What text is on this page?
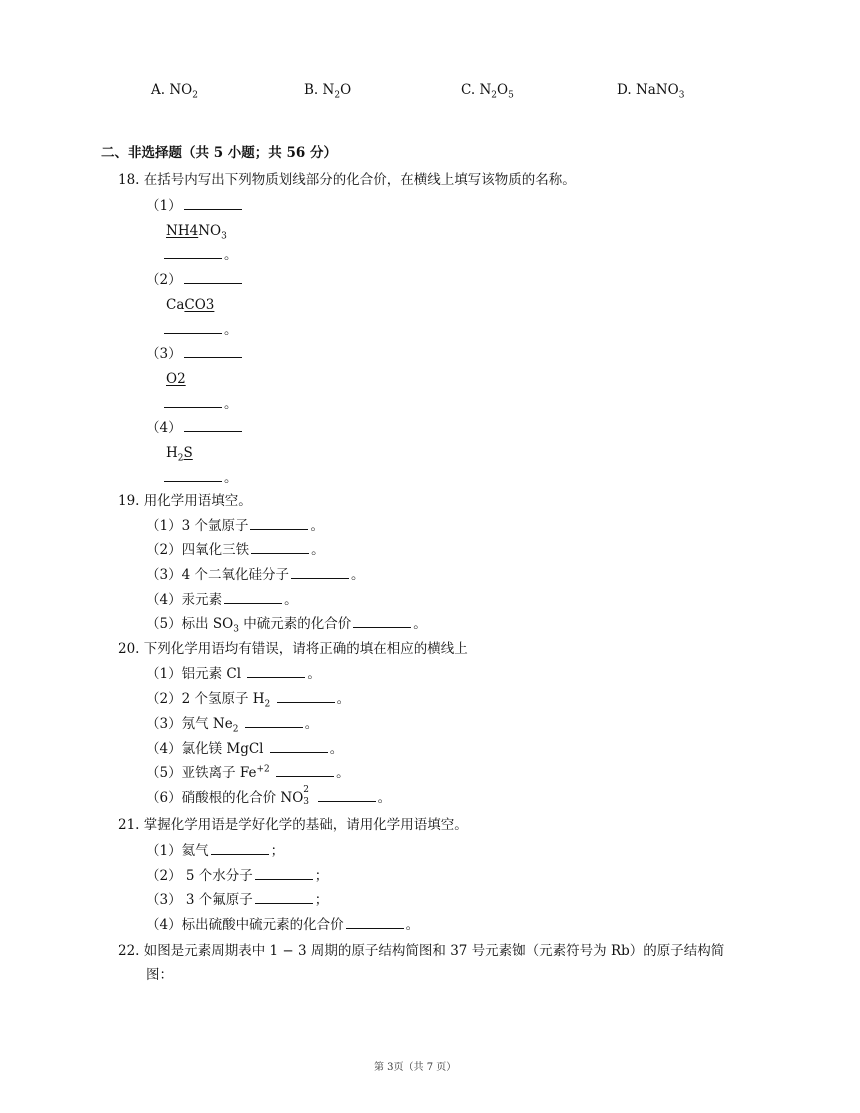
A. $NO_2$	B. $N_2O$	C. $N_2O_5$	D. NaNO$_3$
二、非选择题（共 5 小题；共 56 分）
18. 在括号内写出下列物质划线部分的化合价，在横线上填写该物质的名称。
（1）
$NH4NO_3$
。
（2）
CaCO3
。
（3）
O2
。
（4）
$H_2S$
。
19. 用化学用语填空。
（1）3 个氩原子	。
（2）四氧化三铁	。
（3）4 个二氧化硅分子	。
（4）汞元素	。
（5）标出 $SO_3$ 中硫元素的化合价	。
20. 下列化学用语均有错误，请将正确的填在相应的横线上
（1）铝元素 Cl	。
（2）2 个氢原子 $H_2$	。
（3）氖气 $Ne_2$	。
（4）氯化镁 MgCl	。
（5）亚铁离子 $Fe^{+2}$	。
（6）硝酸根的化合价 NO
2
3	。
21. 掌握化学用语是学好化学的基础，请用化学用语填空。
（1）氦气	；
（2） 5 个水分子	；
（3） 3 个氟原子	；
（4）标出硫酸中硫元素的化合价	。
22. 如图是元素周期表中 1 − 3 周期的原子结构简图和 37 号元素铷（元素符号为 Rb）的原子结构简
图：
第 3页（共 7 页）
